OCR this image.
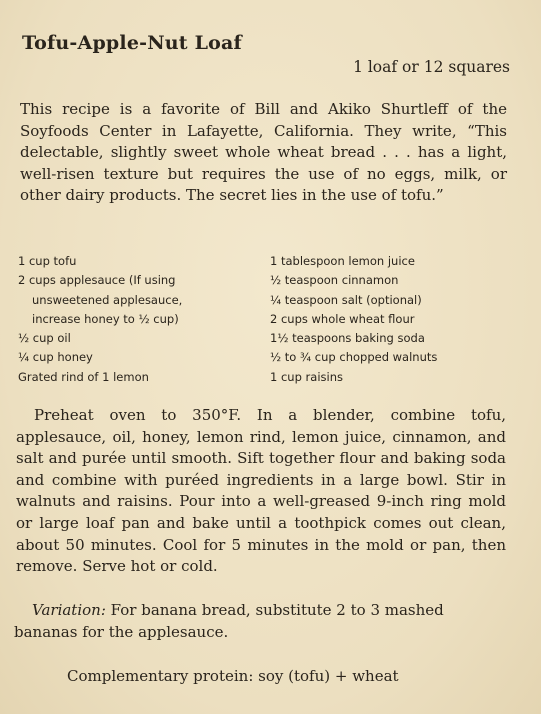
Tofu-Apple-Nut Loaf
1 loaf or 12 squares
This recipe is a favorite of Bill and Akiko Shurtleff of the Soyfoods Center in Lafayette, California. They write, “This delectable, slightly sweet whole wheat bread . . . has a light, well-risen texture but requires the use of no eggs, milk, or other dairy products. The secret lies in the use of tofu.”
1 cup tofu
2 cups applesauce (If using
unsweetened applesauce,
increase honey to ½ cup)
½ cup oil
¼ cup honey
Grated rind of 1 lemon
1 tablespoon lemon juice
½ teaspoon cinnamon
¼ teaspoon salt (optional)
2 cups whole wheat flour
1½ teaspoons baking soda
½ to ¾ cup chopped walnuts
1 cup raisins
Preheat oven to 350°F. In a blender, combine tofu, applesauce, oil, honey, lemon rind, lemon juice, cinnamon, and salt and purée until smooth. Sift together flour and baking soda and combine with puréed ingredients in a large bowl. Stir in walnuts and raisins. Pour into a well-greased 9-inch ring mold or large loaf pan and bake until a toothpick comes out clean, about 50 minutes. Cool for 5 minutes in the mold or pan, then remove. Serve hot or cold.
Variation: For banana bread, substitute 2 to 3 mashed bananas for the applesauce.
Complementary protein: soy (tofu) + wheat
